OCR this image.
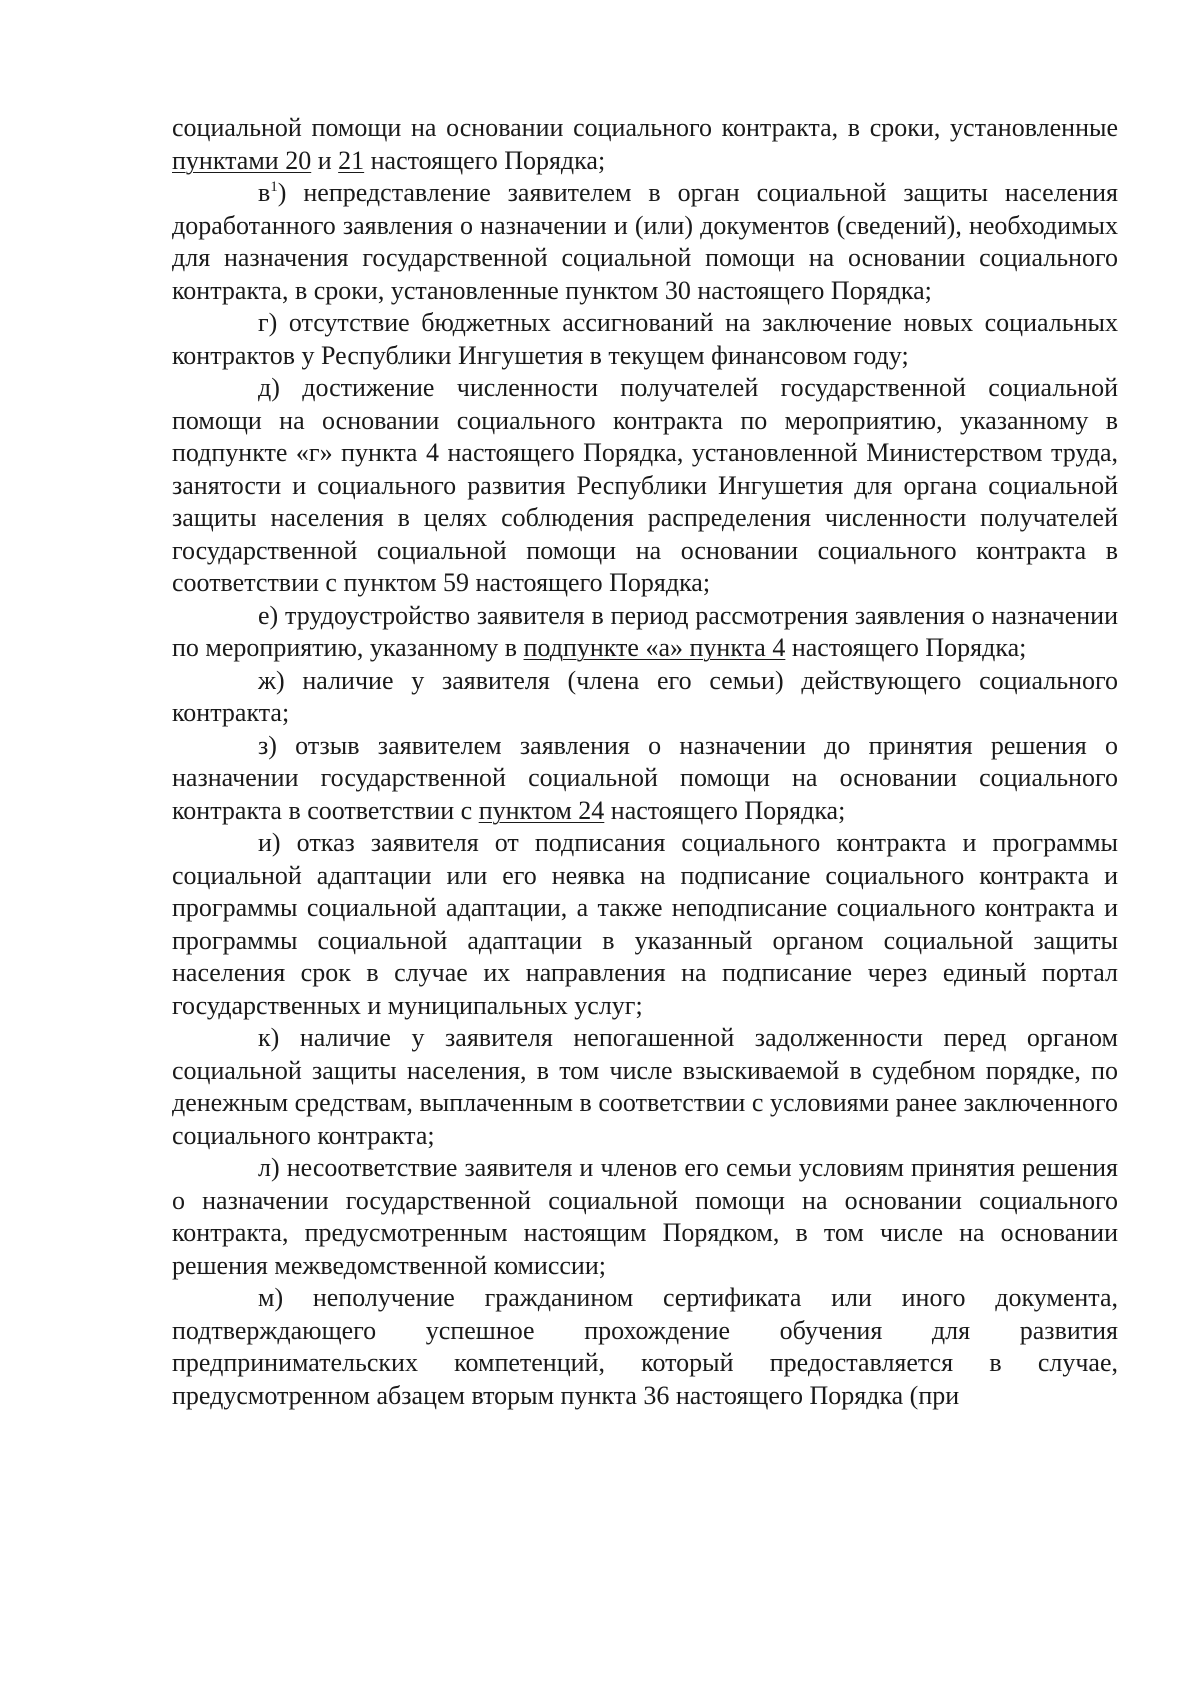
социальной помощи на основании социального контракта, в сроки, установленные пунктами 20 и 21 настоящего Порядка;

$в^1$) непредставление заявителем в орган социальной защиты населения доработанного заявления о назначении и (или) документов (сведений), необходимых для назначения государственной социальной помощи на основании социального контракта, в сроки, установленные пунктом 30 настоящего Порядка;

г) отсутствие бюджетных ассигнований на заключение новых социальных контрактов у Республики Ингушетия в текущем финансовом году;

д) достижение численности получателей государственной социальной помощи на основании социального контракта по мероприятию, указанному в подпункте «г» пункта 4 настоящего Порядка, установленной Министерством труда, занятости и социального развития Республики Ингушетия для органа социальной защиты населения в целях соблюдения распределения численности получателей государственной социальной помощи на основании социального контракта в соответствии с пунктом 59 настоящего Порядка;

е) трудоустройство заявителя в период рассмотрения заявления о назначении по мероприятию, указанному в подпункте «а» пункта 4 настоящего Порядка;

ж) наличие у заявителя (члена его семьи) действующего социального контракта;

з) отзыв заявителем заявления о назначении до принятия решения о назначении государственной социальной помощи на основании социального контракта в соответствии с пунктом 24 настоящего Порядка;

и) отказ заявителя от подписания социального контракта и программы социальной адаптации или его неявка на подписание социального контракта и программы социальной адаптации, а также неподписание социального контракта и программы социальной адаптации в указанный органом социальной защиты населения срок в случае их направления на подписание через единый портал государственных и муниципальных услуг;

к) наличие у заявителя непогашенной задолженности перед органом социальной защиты населения, в том числе взыскиваемой в судебном порядке, по денежным средствам, выплаченным в соответствии с условиями ранее заключенного социального контракта;

л) несоответствие заявителя и членов его семьи условиям принятия решения о назначении государственной социальной помощи на основании социального контракта, предусмотренным настоящим Порядком, в том числе на основании решения межведомственной комиссии;

м) неполучение гражданином сертификата или иного документа, подтверждающего успешное прохождение обучения для развития предпринимательских компетенций, который предоставляется в случае, предусмотренном абзацем вторым пункта 36 настоящего Порядка (при
